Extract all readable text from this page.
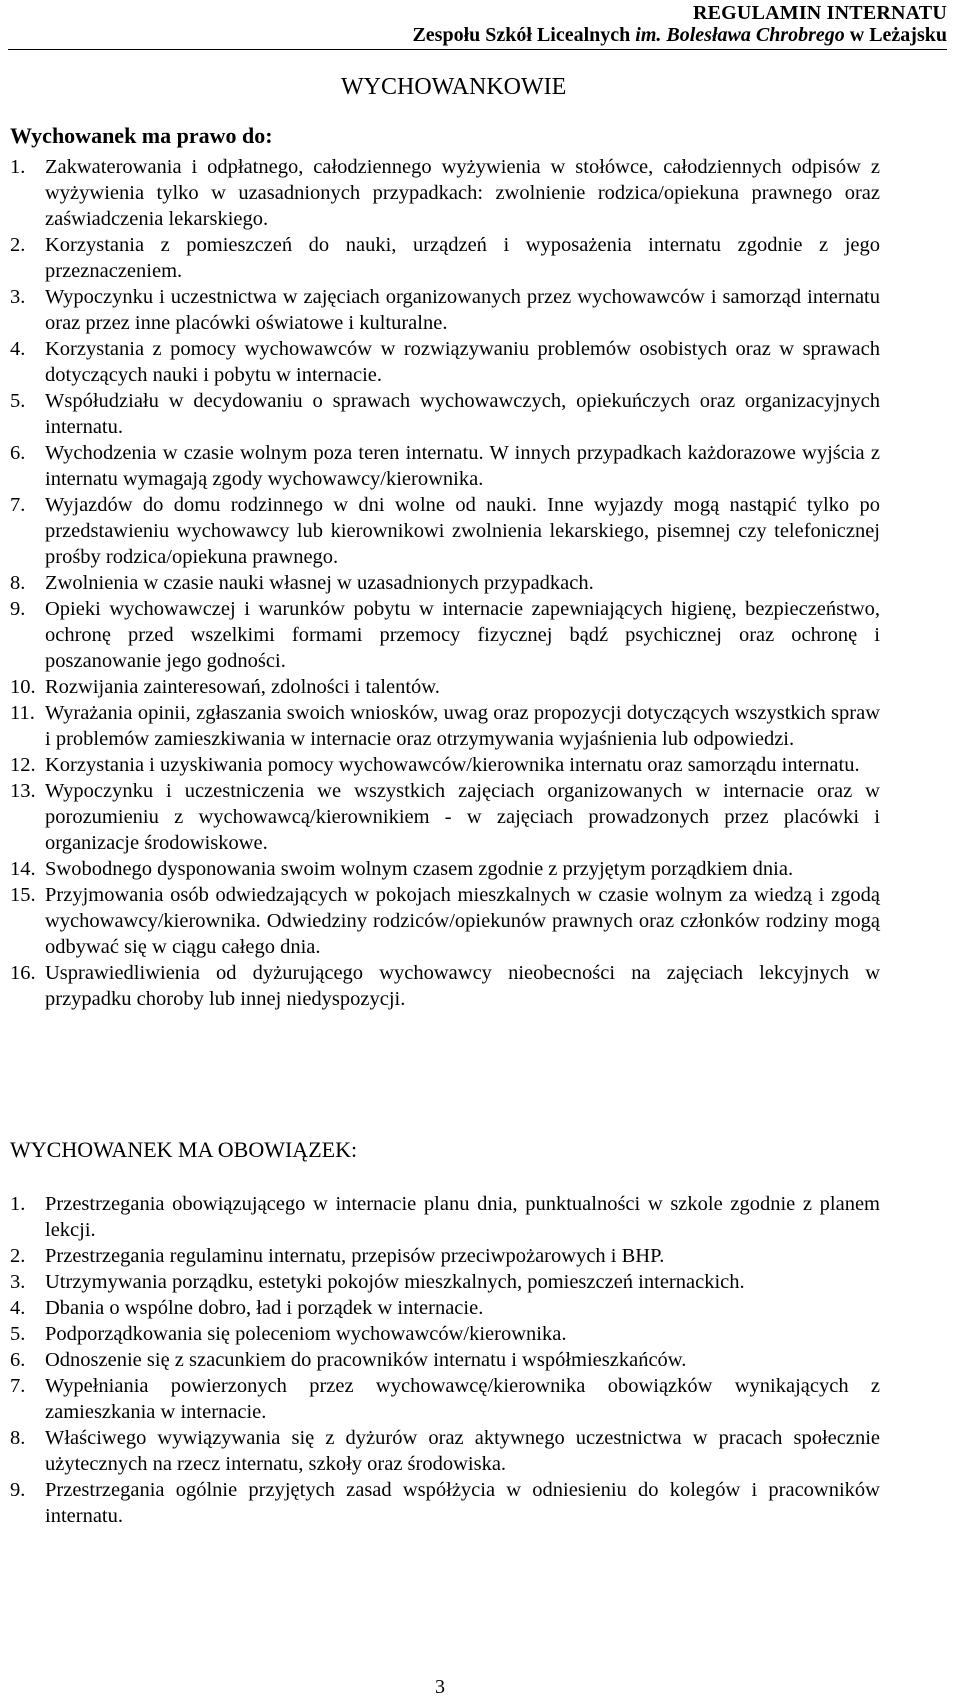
REGULAMIN INTERNATU
Zespołu Szkół Licealnych im. Bolesława Chrobrego w Leżajsku
WYCHOWANKOWIE
Wychowanek ma prawo do:
1. Zakwaterowania i odpłatnego, całodziennego wyżywienia w stołówce, całodziennych odpisów z wyżywienia tylko w uzasadnionych przypadkach: zwolnienie rodzica/opiekuna prawnego oraz zaświadczenia lekarskiego.
2. Korzystania z pomieszczeń do nauki, urządzeń i wyposażenia internatu zgodnie z jego przeznaczeniem.
3. Wypoczynku i uczestnictwa w zajęciach organizowanych przez wychowawców i samorząd internatu oraz przez inne placówki oświatowe i kulturalne.
4. Korzystania z pomocy wychowawców w rozwiązywaniu problemów osobistych oraz w sprawach dotyczących nauki i pobytu w internacie.
5. Współudziału w decydowaniu o sprawach wychowawczych, opiekuńczych oraz organizacyjnych internatu.
6. Wychodzenia w czasie wolnym poza teren internatu. W innych przypadkach każdorazowe wyjścia z internatu wymagają zgody wychowawcy/kierownika.
7. Wyjazdów do domu rodzinnego w dni wolne od nauki. Inne wyjazdy mogą nastąpić tylko po przedstawieniu wychowawcy lub kierownikowi zwolnienia lekarskiego, pisemnej czy telefonicznej prośby rodzica/opiekuna prawnego.
8. Zwolnienia w czasie nauki własnej w uzasadnionych przypadkach.
9. Opieki wychowawczej i warunków pobytu w internacie zapewniających higienę, bezpieczeństwo, ochronę przed wszelkimi formami przemocy fizycznej bądź psychicznej oraz ochronę i poszanowanie jego godności.
10. Rozwijania zainteresowań, zdolności i talentów.
11. Wyrażania opinii, zgłaszania swoich wniosków, uwag oraz propozycji dotyczących wszystkich spraw i problemów zamieszkiwania w internacie oraz otrzymywania wyjaśnienia lub odpowiedzi.
12. Korzystania i uzyskiwania pomocy wychowawców/kierownika internatu oraz samorządu internatu.
13. Wypoczynku i uczestniczenia we wszystkich zajęciach organizowanych w internacie oraz w porozumieniu z wychowawcą/kierownikiem - w zajęciach prowadzonych przez placówki i organizacje środowiskowe.
14. Swobodnego dysponowania swoim wolnym czasem zgodnie z przyjętym porządkiem dnia.
15. Przyjmowania osób odwiedzających w pokojach mieszkalnych w czasie wolnym za wiedzą i zgodą wychowawcy/kierownika. Odwiedziny rodziców/opiekunów prawnych oraz członków rodziny mogą odbywać się w ciągu całego dnia.
16. Usprawiedliwienia od dyżurującego wychowawcy nieobecności na zajęciach lekcyjnych w przypadku choroby lub innej niedyspozycji.
WYCHOWANEK MA OBOWIĄZEK:
1. Przestrzegania obowiązującego w internacie planu dnia, punktualności w szkole zgodnie z planem lekcji.
2. Przestrzegania regulaminu internatu, przepisów przeciwpożarowych i BHP.
3. Utrzymywania porządku, estetyki pokojów mieszkalnych, pomieszczeń internackich.
4. Dbania o wspólne dobro, ład i porządek w internacie.
5. Podporządkowania się poleceniom wychowawców/kierownika.
6. Odnoszenie się z szacunkiem do pracowników internatu i współmieszkańców.
7. Wypełniania powierzonych przez wychowawcę/kierownika obowiązków wynikających z zamieszkania w internacie.
8. Właściwego wywiązywania się z dyżurów oraz aktywnego uczestnictwa w pracach społecznie użytecznych na rzecz internatu, szkoły oraz środowiska.
9. Przestrzegania ogólnie przyjętych zasad współżycia w odniesieniu do kolegów i pracowników internatu.
3
